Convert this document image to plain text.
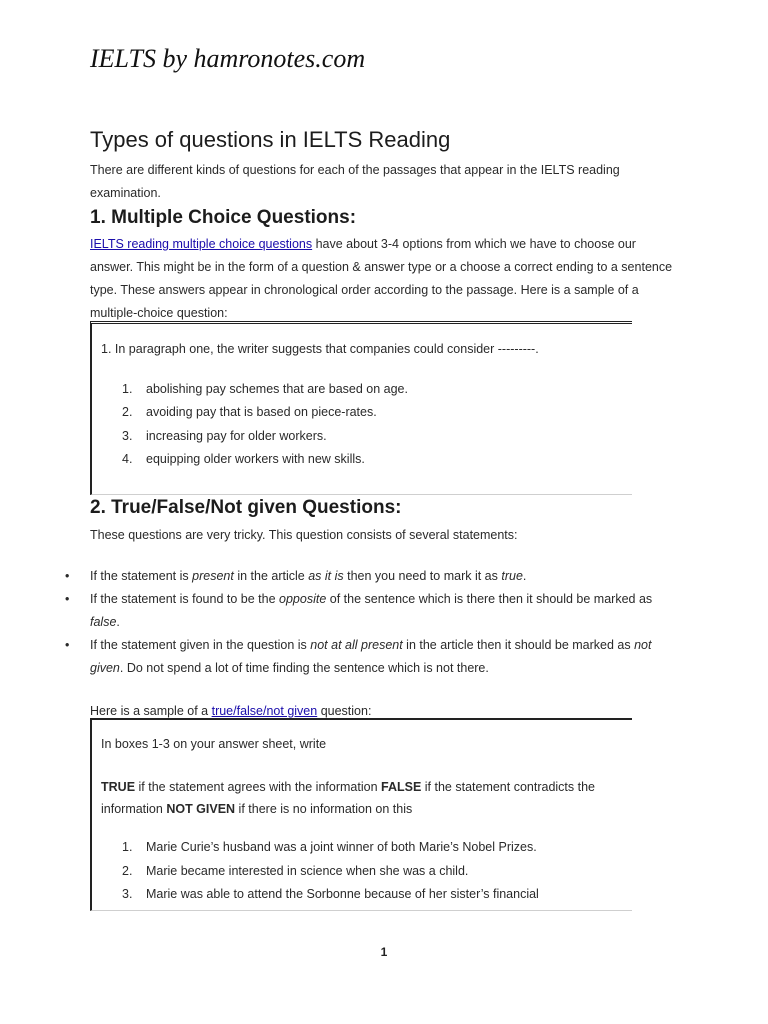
IELTS by hamronotes.com
Types of questions in IELTS Reading
There are different kinds of questions for each of the passages that appear in the IELTS reading examination.
1. Multiple Choice Questions:
IELTS reading multiple choice questions have about 3-4 options from which we have to choose our answer. This might be in the form of a question & answer type or a choose a correct ending to a sentence type. These answers appear in chronological order according to the passage. Here is a sample of a multiple-choice question:
1. In paragraph one, the writer suggests that companies could consider ---------.
1. abolishing pay schemes that are based on age.
2. avoiding pay that is based on piece-rates.
3. increasing pay for older workers.
4. equipping older workers with new skills.
2. True/False/Not given Questions:
These questions are very tricky. This question consists of several statements:
•	If the statement is present in the article as it is then you need to mark it as true.
•	If the statement is found to be the opposite of the sentence which is there then it should be marked as false.
•	If the statement given in the question is not at all present in the article then it should be marked as not given. Do not spend a lot of time finding the sentence which is not there.
Here is a sample of a true/false/not given question:
In boxes 1-3 on your answer sheet, write
TRUE if the statement agrees with the information FALSE if the statement contradicts the information NOT GIVEN if there is no information on this
1. Marie Curie’s husband was a joint winner of both Marie’s Nobel Prizes.
2. Marie became interested in science when she was a child.
3. Marie was able to attend the Sorbonne because of her sister’s financial
1
